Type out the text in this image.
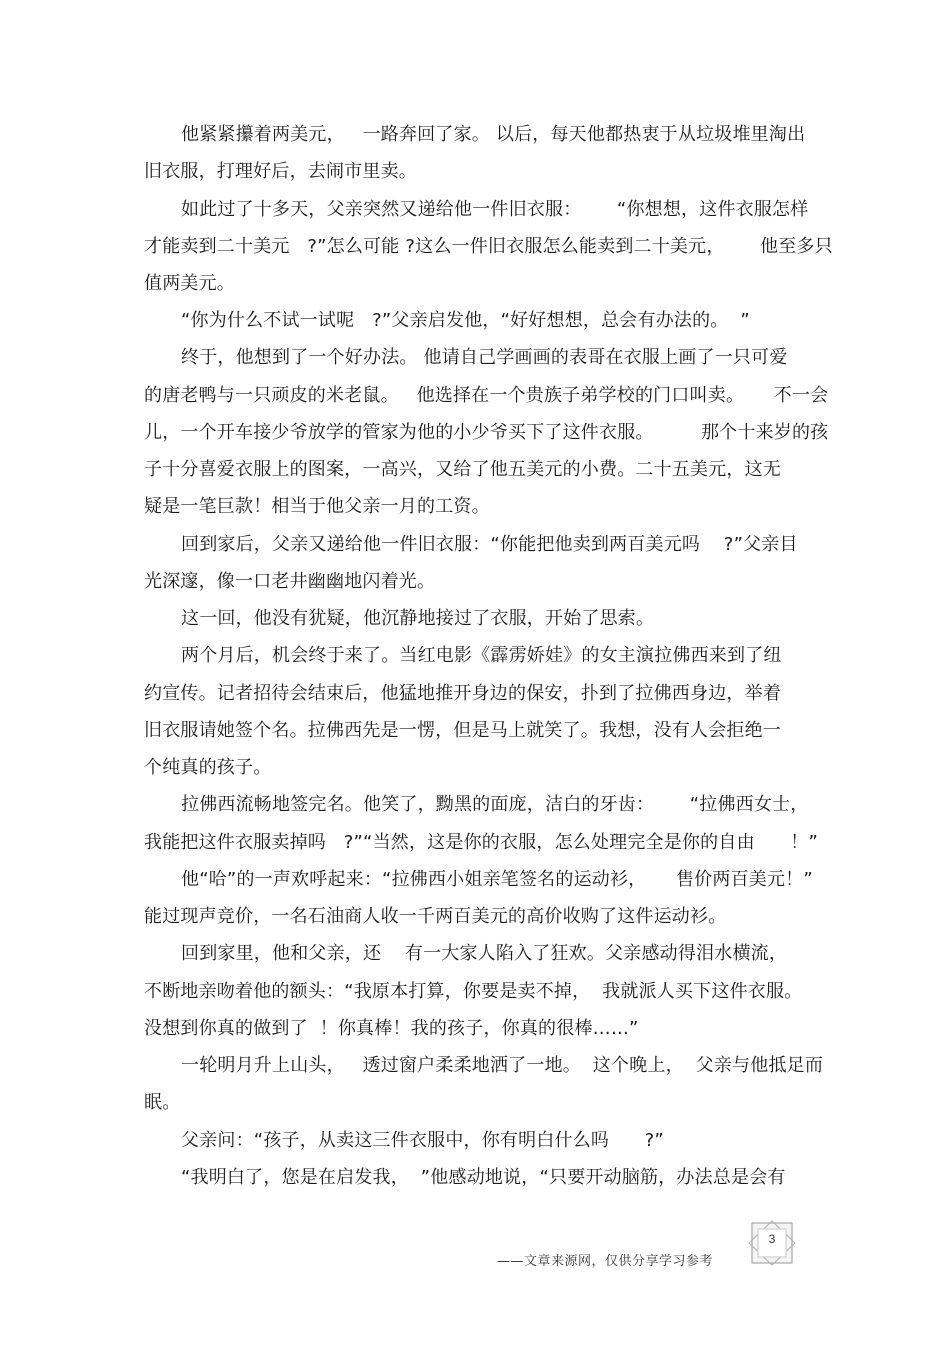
他紧紧攥着两美元，   一路奔回了家。 以后，每天他都热衷于从垃圾堆里淘出
旧衣服，打理好后，去闹市里卖。
如此过了十多天，父亲突然又递给他一件旧衣服：      “你想想，这件衣服怎样
才能卖到二十美元   ?”怎么可能 ?这么一件旧衣服怎么能卖到二十美元，      他至多只
值两美元。
“你为什么不试一试呢   ?”父亲启发他，“好好想想，总会有办法的。  ”
终于，他想到了一个好办法。 他请自己学画画的表哥在衣服上画了一只可爱
的唐老鸭与一只顽皮的米老鼠。   他选择在一个贵族子弟学校的门口叫卖。     不一会
儿，一个开车接少爷放学的管家为他的小少爷买下了这件衣服。        那个十来岁的孩
子十分喜爱衣服上的图案，一高兴，又给了他五美元的小费。二十五美元，这无
疑是一笔巨款！相当于他父亲一月的工资。
回到家后，父亲又递给他一件旧衣服：“你能把他卖到两百美元吗    ?”父亲目
光深邃，像一口老井幽幽地闪着光。
这一回，他没有犹疑，他沉静地接过了衣服，开始了思索。
两个月后，机会终于来了。当红电影《霹雳娇娃》的女主演拉佛西来到了纽
约宣传。记者招待会结束后，他猛地推开身边的保安，扑到了拉佛西身边，举着
旧衣服请她签个名。拉佛西先是一愣，但是马上就笑了。我想，没有人会拒绝一
个纯真的孩子。
拉佛西流畅地签完名。他笑了，黝黑的面庞，洁白的牙齿：      “拉佛西女士，
我能把这件衣服卖掉吗   ?”“当然，这是你的衣服，怎么处理完全是你的自由      ！”
他“哈”的一声欢呼起来：“拉佛西小姐亲笔签名的运动衫，     售价两百美元！”
能过现声竞价，一名石油商人收一千两百美元的高价收购了这件运动衫。
回到家里，他和父亲，还    有一大家人陷入了狂欢。父亲感动得泪水横流，
不断地亲吻着他的额头：“我原本打算，你要是卖不掉，  我就派人买下这件衣服。
没想到你真的做到了  ！你真棒！我的孩子，你真的很棒……”
一轮明月升上山头，   透过窗户柔柔地洒了一地。  这个晚上，  父亲与他抵足而
眠。
父亲问：“孩子，从卖这三件衣服中，你有明白什么吗      ?”
“我明白了，您是在启发我，  ”他感动地说，“只要开动脑筋，办法总是会有
3
——文章来源网，仅供分享学习参考
